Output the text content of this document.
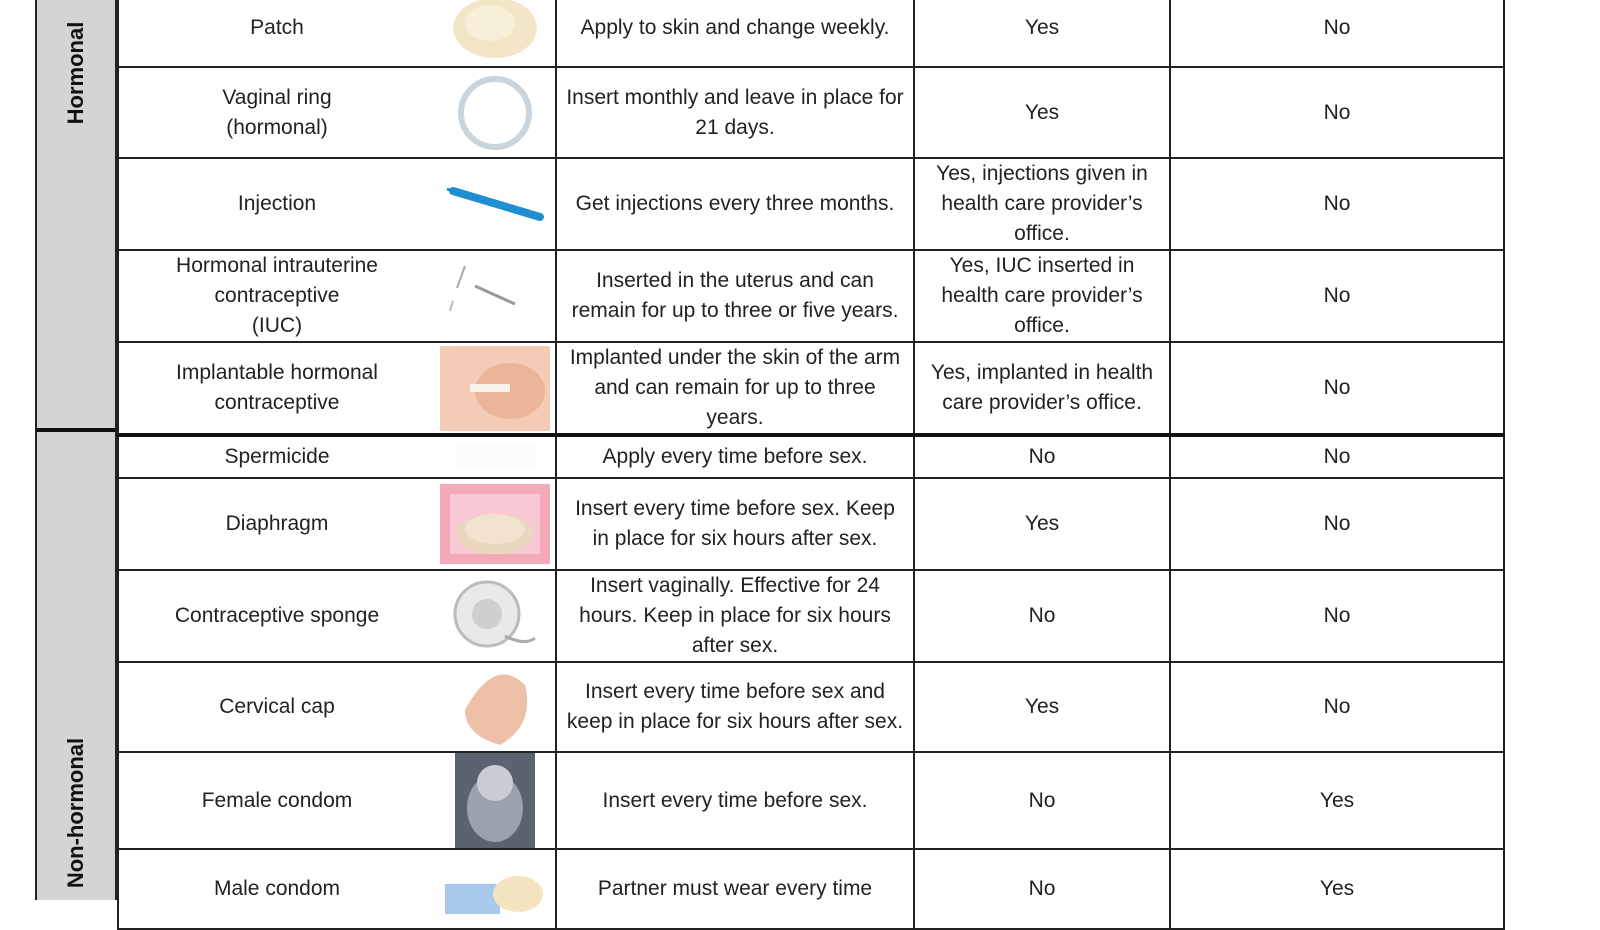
Hormonal
Non-hormonal
Patch		Apply to skin and change weekly.	Yes	No
Vaginal ring
(hormonal)		Insert monthly and leave in place for 21 days.	Yes	No
Injection		Get injections every three months.	Yes, injections given in health care provider’s office.	No
Hormonal intrauterine contraceptive
(IUC)		Inserted in the uterus and can remain for up to three or five years.	Yes, IUC inserted in health care provider’s office.	No
Implantable hormonal contraceptive		Implanted under the skin of the arm and can remain for up to three years.	Yes, implanted in health care provider’s office.	No
Spermicide		Apply every time before sex.	No	No
Diaphragm		Insert every time before sex. Keep in place for six hours after sex.	Yes	No
Contraceptive sponge		Insert vaginally. Effective for 24 hours. Keep in place for six hours after sex.	No	No
Cervical cap		Insert every time before sex and keep in place for six hours after sex.	Yes	No
Female condom		Insert every time before sex.	No	Yes
Male condom		Partner must wear every time	No	Yes
